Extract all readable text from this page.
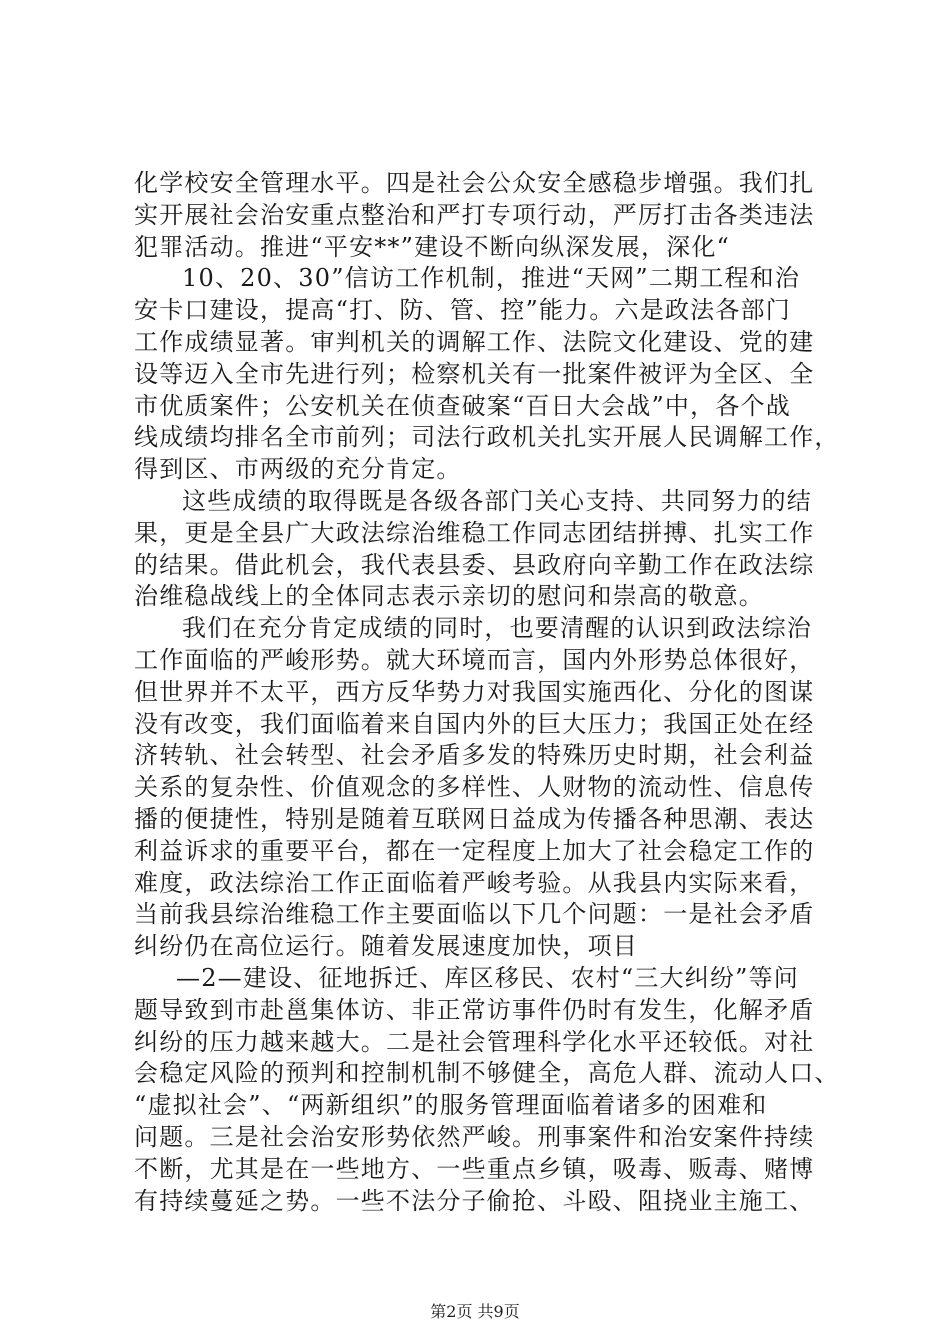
化学校安全管理水平。四是社会公众安全感稳步增强。我们扎
实开展社会治安重点整治和严打专项行动，严厉打击各类违法
犯罪活动。推进“平安**”建设不断向纵深发展，深化“
10、20、30”信访工作机制，推进“天网”二期工程和治
安卡口建设，提高“打、防、管、控”能力。六是政法各部门
工作成绩显著。审判机关的调解工作、法院文化建设、党的建
设等迈入全市先进行列；检察机关有一批案件被评为全区、全
市优质案件；公安机关在侦查破案“百日大会战”中，各个战
线成绩均排名全市前列；司法行政机关扎实开展人民调解工作，
得到区、市两级的充分肯定。
这些成绩的取得既是各级各部门关心支持、共同努力的结
果，更是全县广大政法综治维稳工作同志团结拼搏、扎实工作
的结果。借此机会，我代表县委、县政府向辛勤工作在政法综
治维稳战线上的全体同志表示亲切的慰问和崇高的敬意。
我们在充分肯定成绩的同时，也要清醒的认识到政法综治
工作面临的严峻形势。就大环境而言，国内外形势总体很好，
但世界并不太平，西方反华势力对我国实施西化、分化的图谋
没有改变，我们面临着来自国内外的巨大压力；我国正处在经
济转轨、社会转型、社会矛盾多发的特殊历史时期，社会利益
关系的复杂性、价值观念的多样性、人财物的流动性、信息传
播的便捷性，特别是随着互联网日益成为传播各种思潮、表达
利益诉求的重要平台，都在一定程度上加大了社会稳定工作的
难度，政法综治工作正面临着严峻考验。从我县内实际来看，
当前我县综治维稳工作主要面临以下几个问题：一是社会矛盾
纠纷仍在高位运行。随着发展速度加快，项目
—2—建设、征地拆迁、库区移民、农村“三大纠纷”等问
题导致到市赴邕集体访、非正常访事件仍时有发生，化解矛盾
纠纷的压力越来越大。二是社会管理科学化水平还较低。对社
会稳定风险的预判和控制机制不够健全，高危人群、流动人口、
“虚拟社会”、“两新组织”的服务管理面临着诸多的困难和
问题。三是社会治安形势依然严峻。刑事案件和治安案件持续
不断，尤其是在一些地方、一些重点乡镇，吸毒、贩毒、赌博
有持续蔓延之势。一些不法分子偷抢、斗殴、阻挠业主施工、
第2页 共9页
